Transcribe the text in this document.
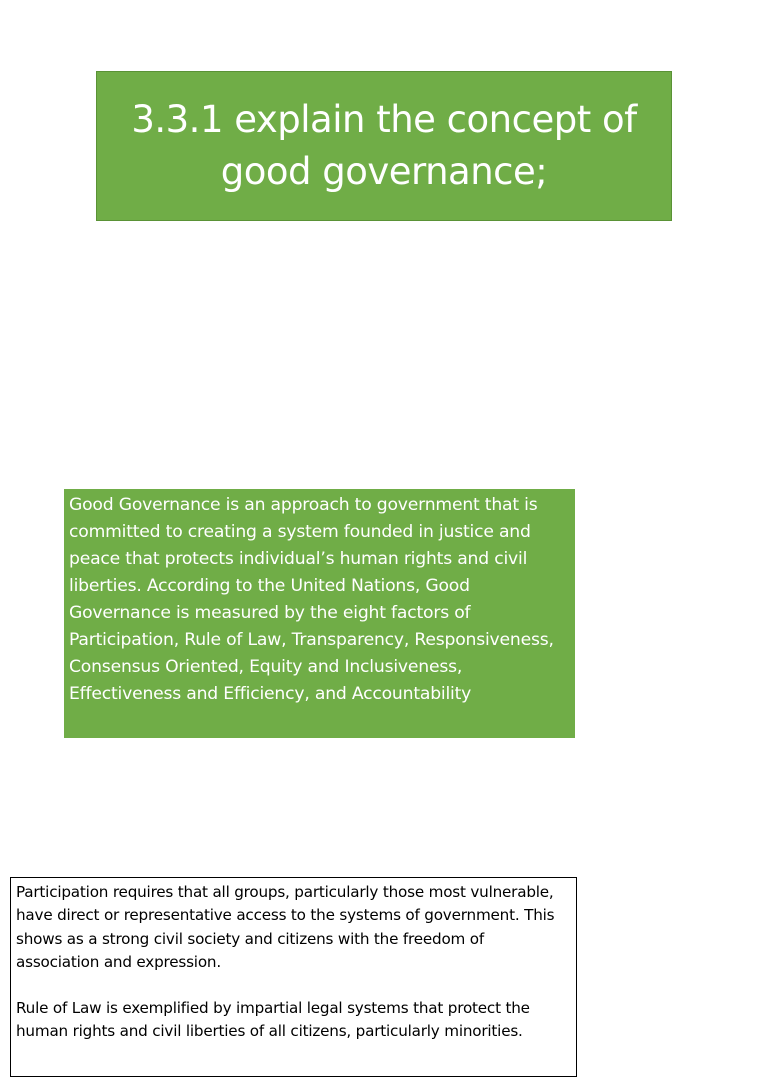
3.3.1 explain the concept of good governance;
Good Governance is an approach to government that is committed to creating a system founded in justice and peace that protects individual’s human rights and civil liberties. According to the United Nations, Good Governance is measured by the eight factors of Participation, Rule of Law, Transparency, Responsiveness, Consensus Oriented, Equity and Inclusiveness, Effectiveness and Efficiency, and Accountability

Participation requires that all groups, particularly those most vulnerable, have direct or representative access to the systems of government. This shows as a strong civil society and citizens with the freedom of association and expression.

Rule of Law is exemplified by impartial legal systems that protect the human rights and civil liberties of all citizens, particularly minorities.
